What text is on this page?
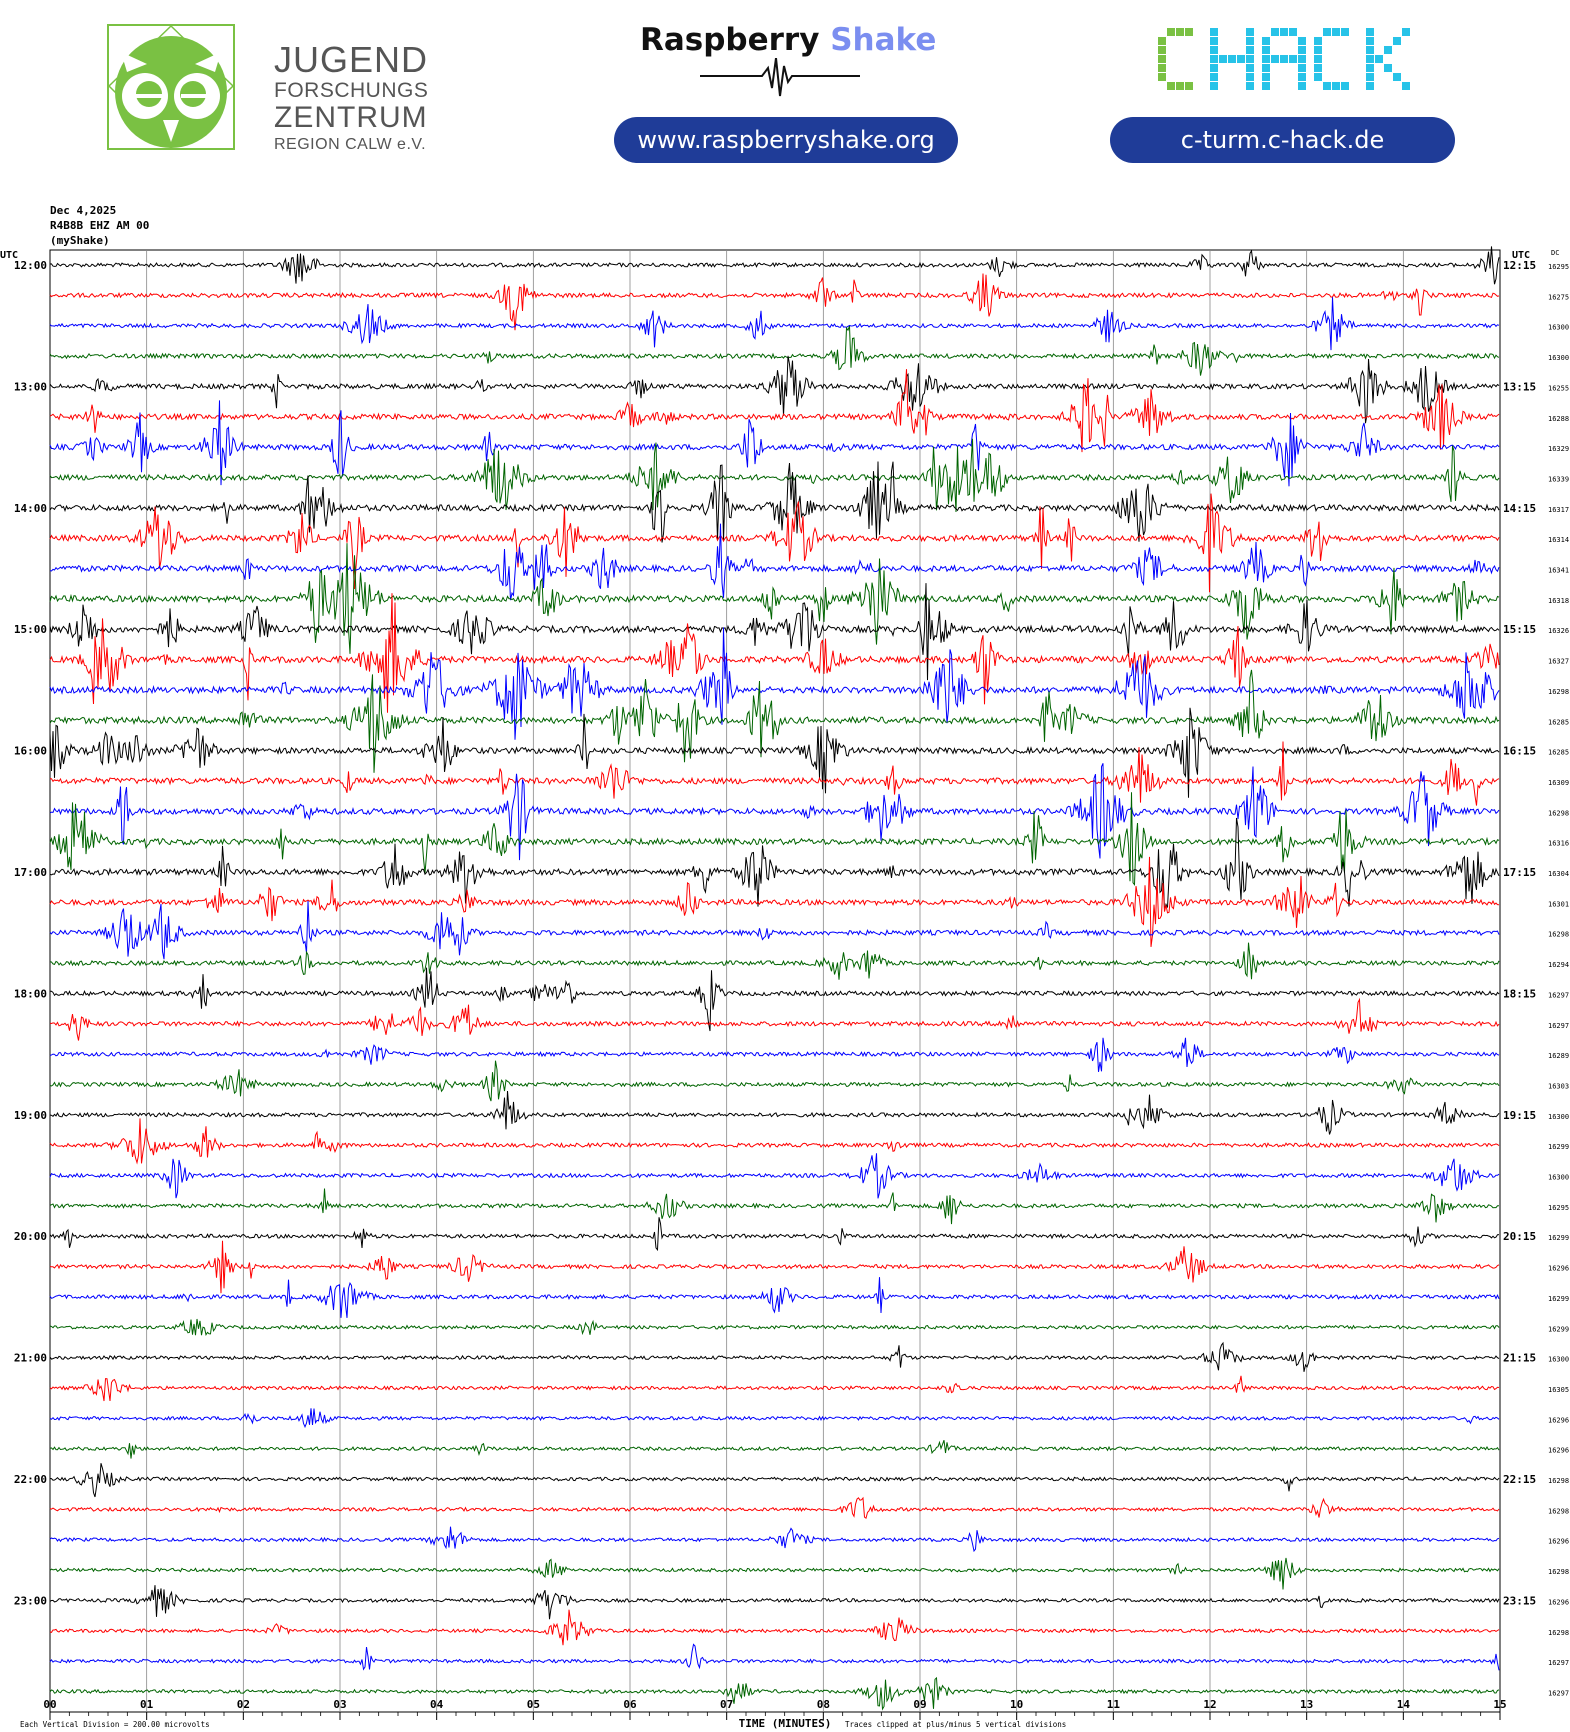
JUGEND
FORSCHUNGS
ZENTRUM
REGION CALW e.V.
Raspberry Shake
www.raspberryshake.org	c-turm.c-hack.de
Dec 4,2025
R4B8B EHZ AM 00
(myShake)
16295
16275
16300
16300
16255
16288
16329
16339
16317
16314
16341
16318
16326
16327
16298
16285
16285
16309
16298
16316
16304
16301
16298
16294
16297
16297
16289
16303
16300
16299
16300
16295
16299
16296
16299
16299
16300
16305
16296
16296
16298
16298
16296
16298
16296
16298
16297
16297
12:00
13:00
14:00
15:00
16:00
17:00
18:00
19:00
20:00
21:00
22:00
23:00
12:15
13:15
14:15
15:15
16:15
17:15
18:15
19:15
20:15
21:15
22:15
23:15
UTC	UTC	DC
00	01	02	03	04	05	06	07	08	09	10	11	12	13	14	15
TIME (MINUTES)
Each Vertical Division = 200.00 microvolts	Traces clipped at plus/minus 5 vertical divisions
